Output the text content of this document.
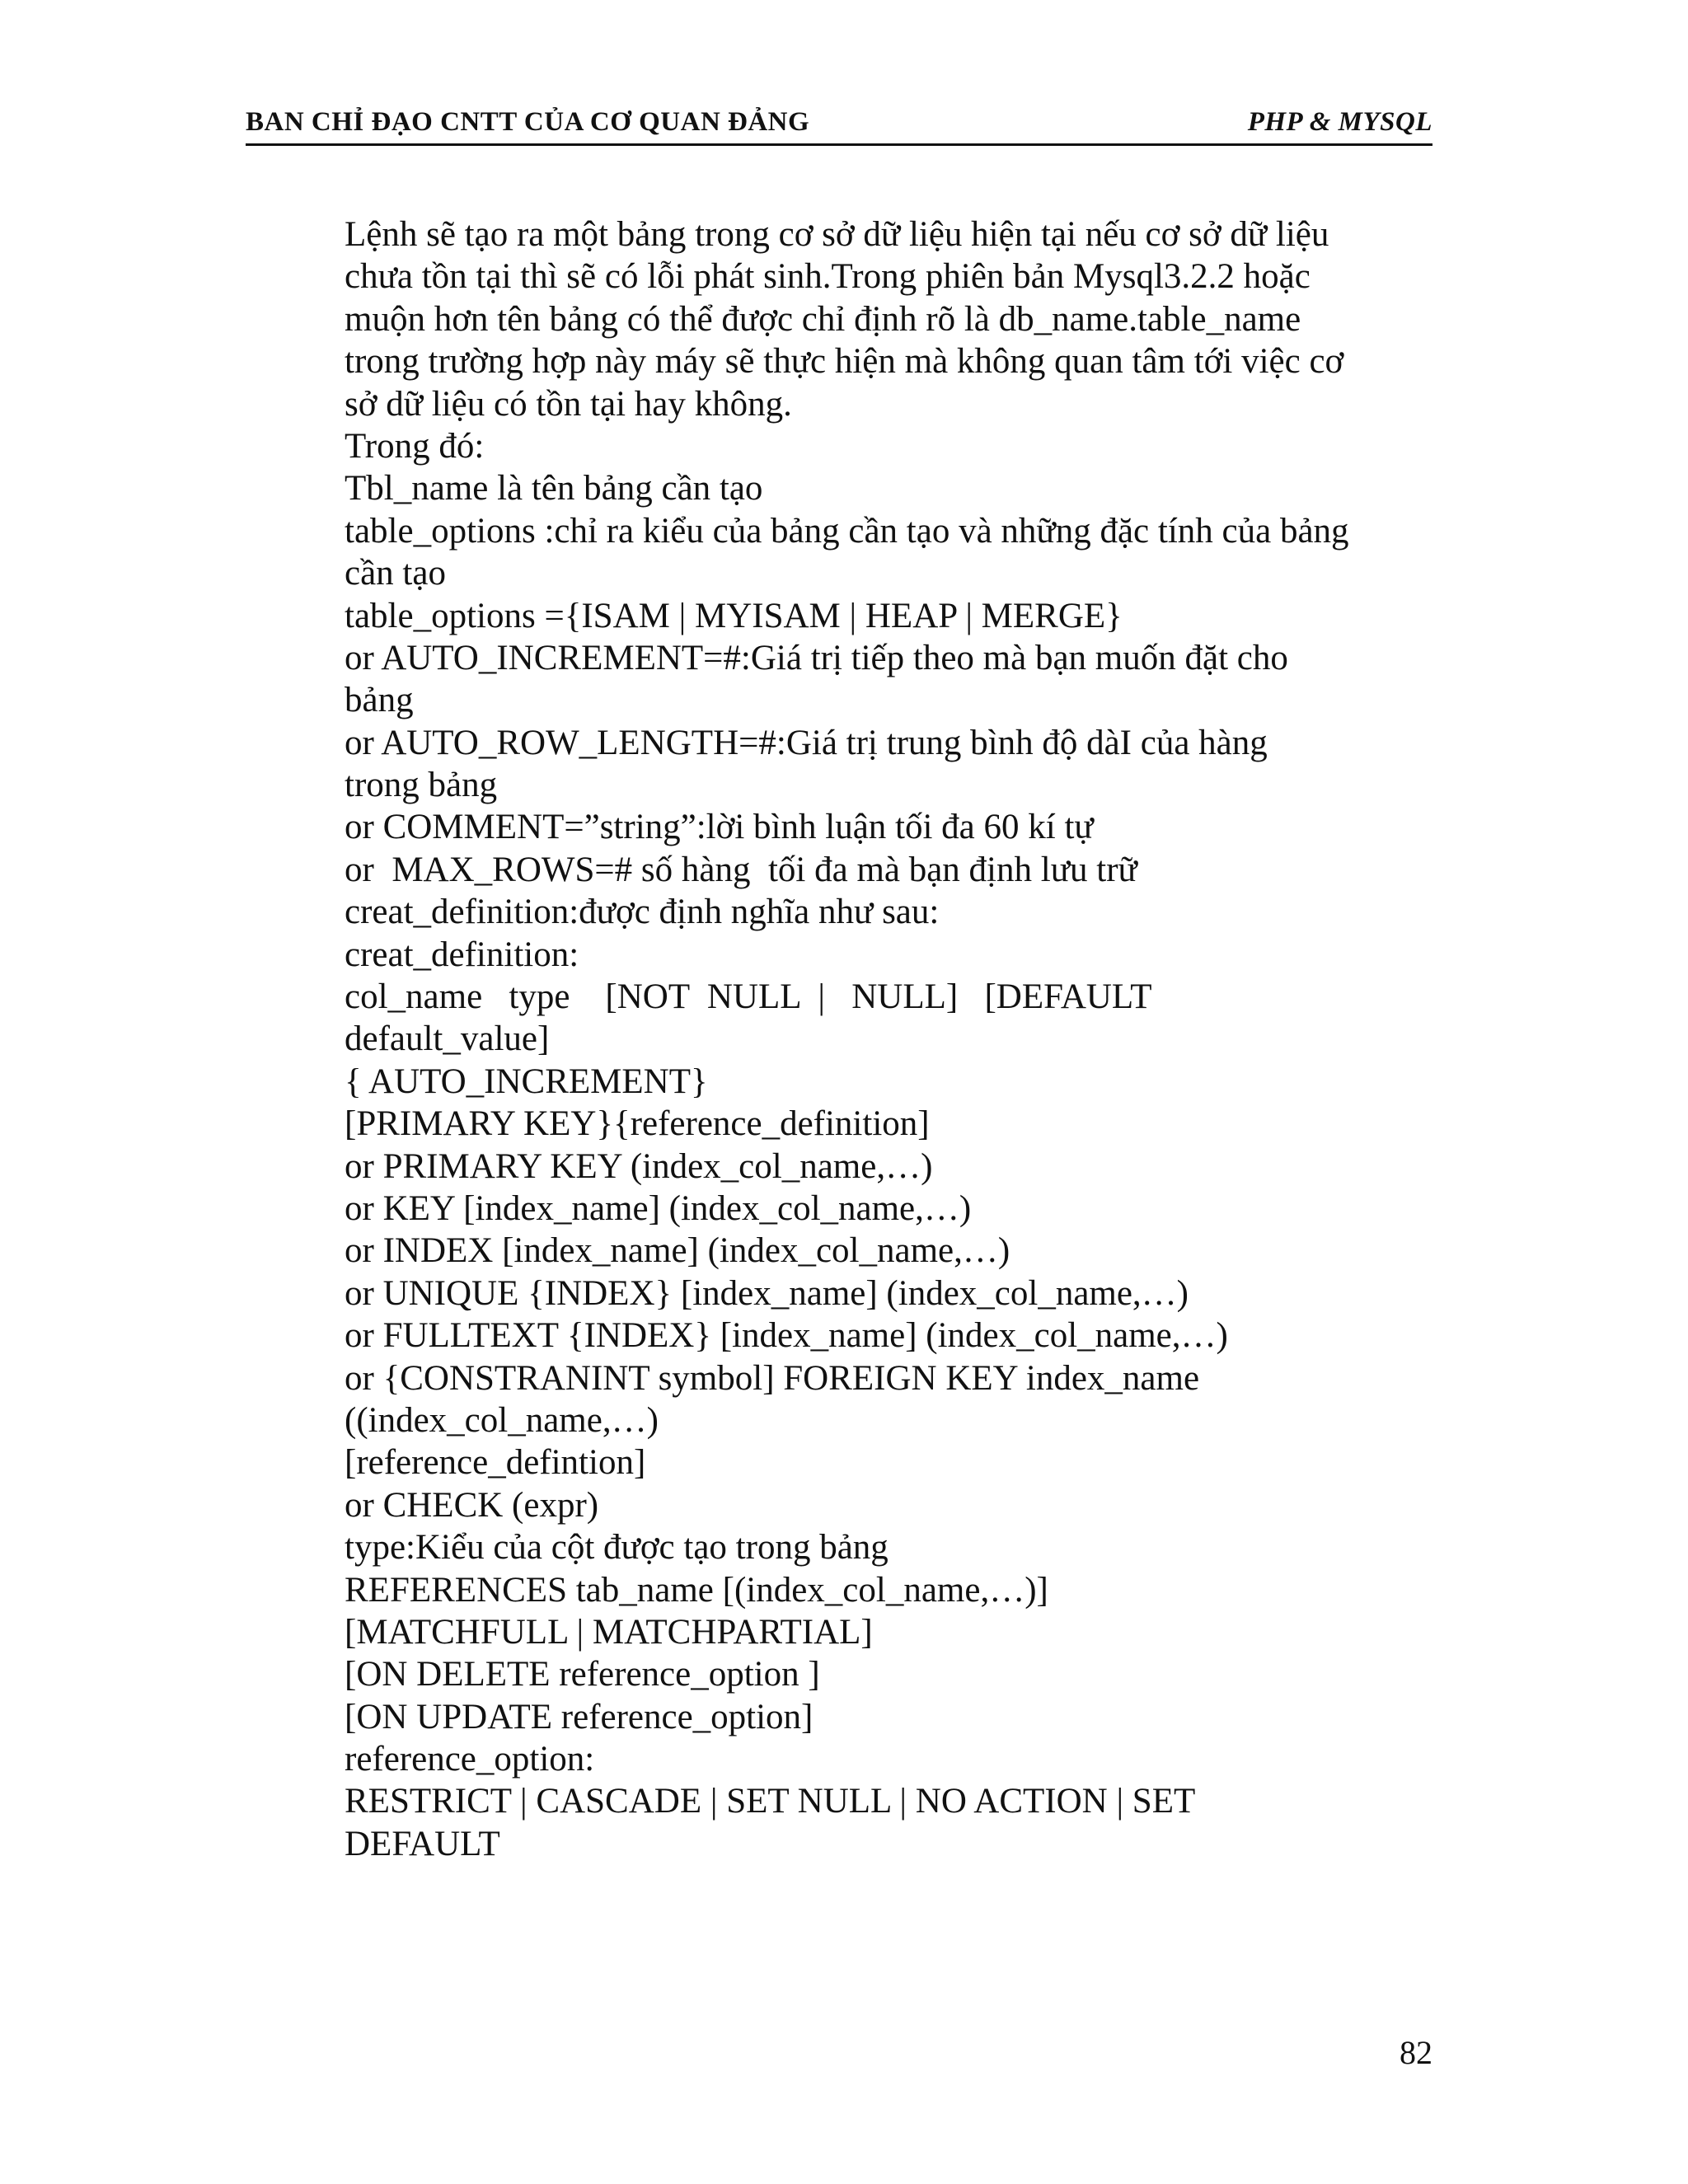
BAN CHỈ ĐẠO CNTT CỦA CƠ QUAN ĐẢNG	PHP & MYSQL

Lệnh sẽ tạo ra một bảng trong cơ sở dữ liệu hiện tại nếu cơ sở dữ liệu

chưa tồn tại thì sẽ có lỗi phát sinh.Trong phiên bản Mysql3.2.2 hoặc

muộn hơn tên bảng có thể được chỉ định rõ là db_name.table_name

trong trường hợp này máy sẽ thực hiện mà không quan tâm tới việc cơ

sở dữ liệu có tồn tại hay không.

Trong đó:

Tbl_name là tên bảng cần tạo

table_options :chỉ ra kiểu của bảng cần tạo và những đặc tính của bảng

cần tạo

table_options ={ISAM | MYISAM | HEAP | MERGE}

or AUTO_INCREMENT=#:Giá trị tiếp theo mà bạn muốn đặt cho

bảng

or AUTO_ROW_LENGTH=#:Giá trị trung bình độ dàI của hàng

trong bảng

or COMMENT=”string”:lời bình luận tối đa 60 kí tự

or  MAX_ROWS=# số hàng  tối đa mà bạn định lưu trữ

creat_definition:được định nghĩa như sau:

creat_definition:

col_name   type    [NOT  NULL  |   NULL]   [DEFAULT

default_value]

{ AUTO_INCREMENT}

[PRIMARY KEY}{reference_definition]

or PRIMARY KEY (index_col_name,…)

or KEY [index_name] (index_col_name,…)

or INDEX [index_name] (index_col_name,…)

or UNIQUE {INDEX} [index_name] (index_col_name,…)

or FULLTEXT {INDEX} [index_name] (index_col_name,…)

or {CONSTRANINT symbol] FOREIGN KEY index_name

((index_col_name,…)

[reference_defintion]

or CHECK (expr)

type:Kiểu của cột được tạo trong bảng

REFERENCES tab_name [(index_col_name,…)]

[MATCHFULL | MATCHPARTIAL]

[ON DELETE reference_option ]

[ON UPDATE reference_option]

reference_option:

RESTRICT | CASCADE | SET NULL | NO ACTION | SET

DEFAULT

82
